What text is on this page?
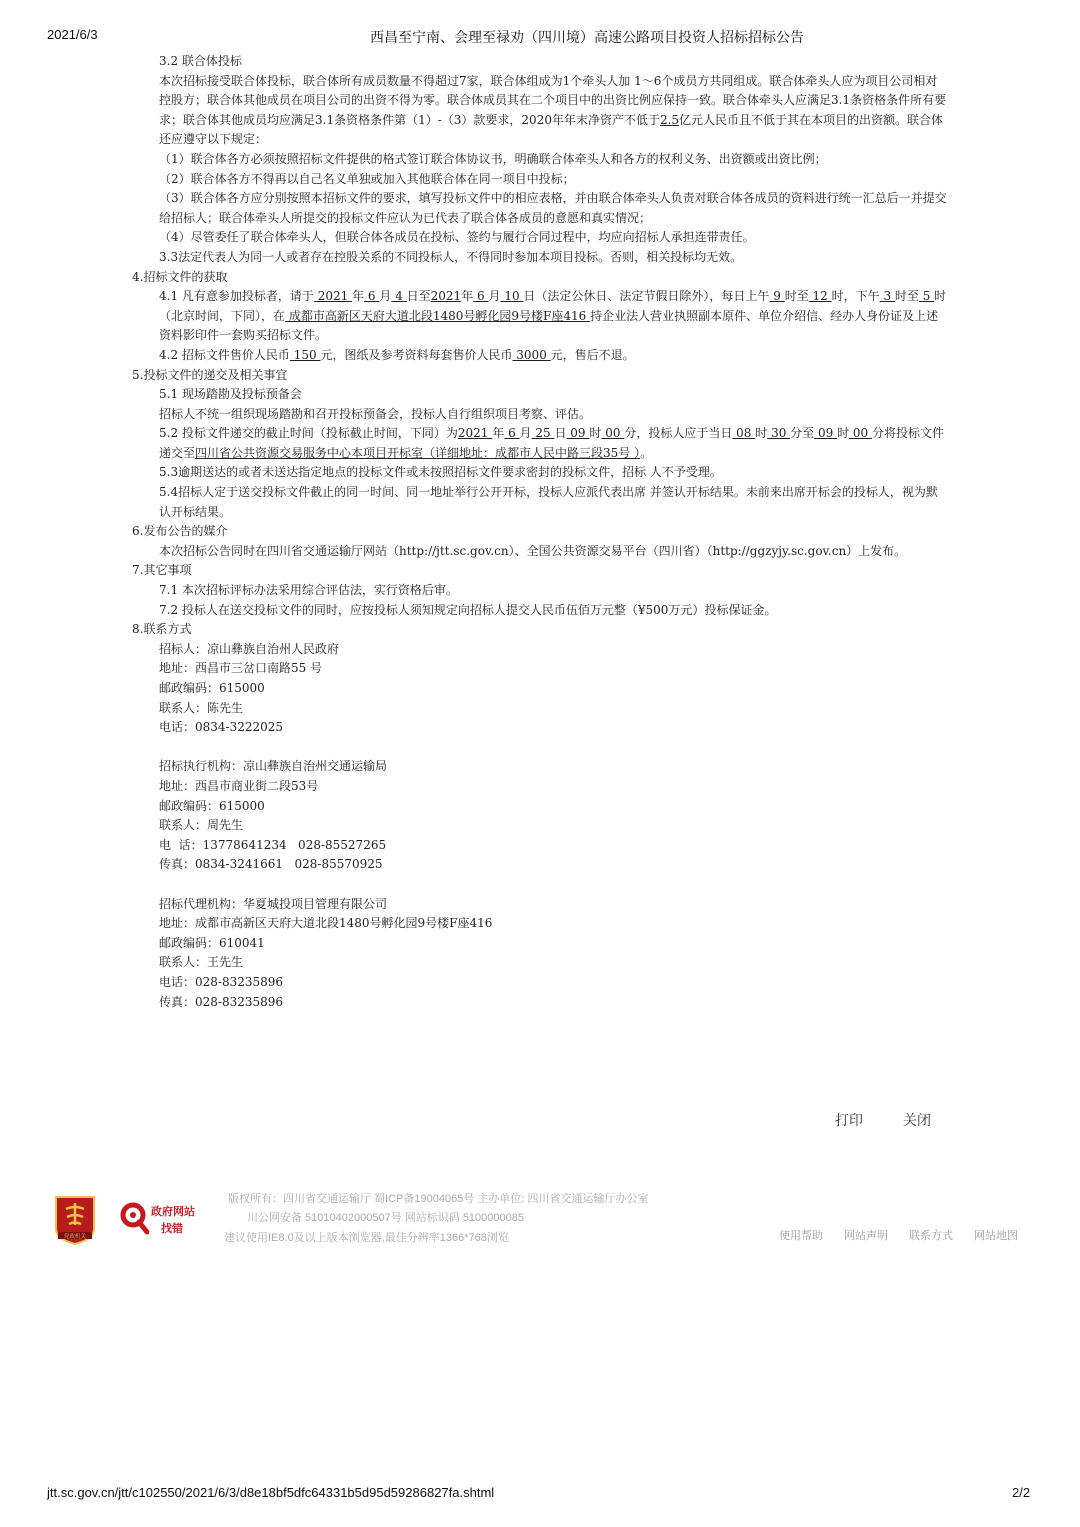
2021/6/3	西昌至宁南、会理至禄劝（四川境）高速公路项目投资人招标招标公告

3.2 联合体投标

本次招标接受联合体投标，联合体所有成员数量不得超过7家，联合体组成为1个牵头人加 1～6个成员方共同组成。联合体牵头人应为项目公司相对控股方；联合体其他成员在项目公司的出资不得为零。联合体成员其在二个项目中的出资比例应保持一致。联合体牵头人应满足3.1条资格条件所有要求；联合体其他成员均应满足3.1条资格条件第（1）-（3）款要求，2020年年末净资产不低于2.5亿元人民币且不低于其在本项目的出资额。联合体还应遵守以下规定：

（1）联合体各方必须按照招标文件提供的格式签订联合体协议书，明确联合体牵头人和各方的权利义务、出资额或出资比例；

（2）联合体各方不得再以自己名义单独或加入其他联合体在同一项目中投标；

（3）联合体各方应分别按照本招标文件的要求，填写投标文件中的相应表格，并由联合体牵头人负责对联合体各成员的资料进行统一汇总后一并提交给招标人；联合体牵头人所提交的投标文件应认为已代表了联合体各成员的意愿和真实情况；

（4）尽管委任了联合体牵头人，但联合体各成员在投标、签约与履行合同过程中，均应向招标人承担连带责任。

3.3法定代表人为同一人或者存在控股关系的不同投标人，不得同时参加本项目投标。否则，相关投标均无效。

4.招标文件的获取

4.1 凡有意参加投标者，请于 2021 年 6 月 4 日至2021年 6 月 10 日（法定公休日、法定节假日除外），每日上午 9 时至 12 时，下午 3 时至 5 时（北京时间，下同），在 成都市高新区天府大道北段1480号孵化园9号楼F座416 持企业法人营业执照副本原件、单位介绍信、经办人身份证及上述资料影印件一套购买招标文件。

4.2 招标文件售价人民币 150 元，图纸及参考资料每套售价人民币 3000 元，售后不退。

5.投标文件的递交及相关事宜

5.1 现场踏勘及投标预备会

招标人不统一组织现场踏勘和召开投标预备会，投标人自行组织项目考察、评估。

5.2 投标文件递交的截止时间（投标截止时间，下同）为2021 年 6 月 25 日 09 时 00 分，投标人应于当日 08 时 30 分至 09 时 00 分将投标文件递交至四川省公共资源交易服务中心本项目开标室（详细地址：成都市人民中路三段35号 ）。

5.3逾期送达的或者未送达指定地点的投标文件或未按照招标文件要求密封的投标文件，招标 人不予受理。

5.4招标人定于送交投标文件截止的同一时间、同一地址举行公开开标，投标人应派代表出席 并签认开标结果。未前来出席开标会的投标人，视为默认开标结果。

6.发布公告的媒介

本次招标公告同时在四川省交通运输厅网站（http://jtt.sc.gov.cn）、全国公共资源交易平台（四川省）（http://ggzyjy.sc.gov.cn）上发布。

7.其它事项

7.1 本次招标评标办法采用综合评估法，实行资格后审。

7.2 投标人在送交投标文件的同时，应按投标人须知规定向招标人提交人民币伍佰万元整（¥500万元）投标保证金。

8.联系方式

招标人：凉山彝族自治州人民政府

地址：西昌市三岔口南路55 号

邮政编码：615000

联系人：陈先生

电话：0834-3222025

招标执行机构：凉山彝族自治州交通运输局

地址：西昌市商业街二段53号

邮政编码：615000

联系人：周先生

电  话：13778641234   028-85527265

传真：0834-3241661   028-85570925

招标代理机构：华夏城投项目管理有限公司

地址：成都市高新区天府大道北段1480号孵化园9号楼F座416

邮政编码：610041

联系人：王先生

电话：028-83235896

传真：028-83235896

打印	关闭
党政机关
政府网站
找错
版权所有：四川省交通运输厅 蜀ICP备19004065号 主办单位: 四川省交通运输厅办公室
川公网安备 51010402000507号 网站标识码 5100000085
建议使用IE8.0及以上版本浏览器,最佳分辨率1366*768浏览	使用帮助 网站声明 联系方式 网站地图
jtt.sc.gov.cn/jtt/c102550/2021/6/3/d8e18bf5dfc64331b5d95d59286827fa.shtml	2/2
